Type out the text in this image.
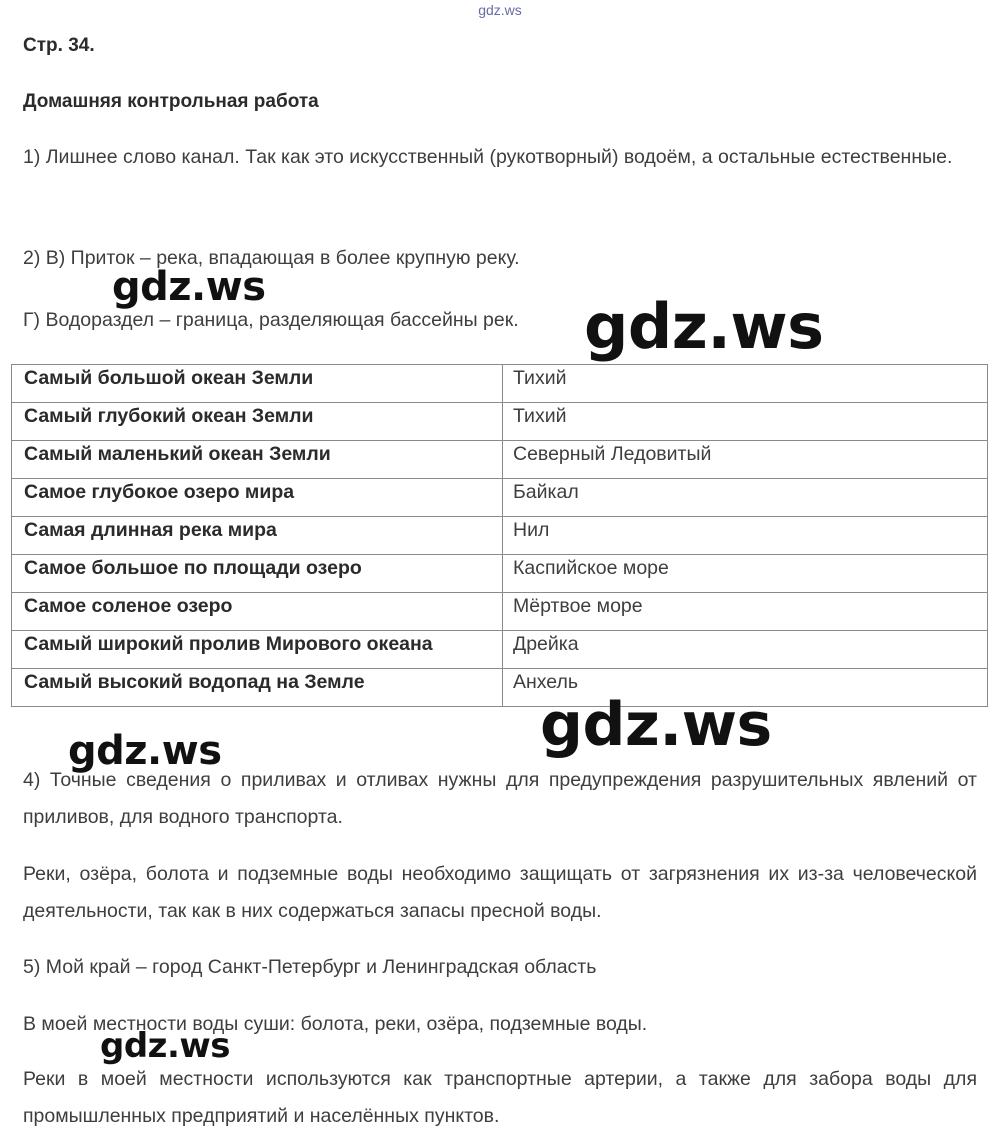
gdz.ws
Стр. 34.
Домашняя контрольная работа
1) Лишнее слово канал. Так как это искусственный (рукотворный) водоём, а остальные естественные.
2) В) Приток – река, впадающая в более крупную реку.
Г) Водораздел – граница, разделяющая бассейны рек.
Самый большой океан Земли	Тихий
Самый глубокий океан Земли	Тихий
Самый маленький океан Земли	Северный Ледовитый
Самое глубокое озеро мира	Байкал
Самая длинная река мира	Нил
Самое большое по площади озеро	Каспийское море
Самое соленое озеро	Мёртвое море
Самый широкий пролив Мирового океана	Дрейка
Самый высокий водопад на Земле	Анхель
4) Точные сведения о приливах и отливах нужны для предупреждения разрушительных явлений от приливов, для водного транспорта.
Реки, озёра, болота и подземные воды необходимо защищать от загрязнения их из-за человеческой деятельности, так как в них содержаться запасы пресной воды.
5) Мой край – город Санкт-Петербург и Ленинградская область
В моей местности воды суши: болота, реки, озёра, подземные воды.
Реки в моей местности используются как транспортные артерии, а также для забора воды для промышленных предприятий и населённых пунктов.
gdz.ws
gdz.ws
gdz.ws
gdz.ws
gdz.ws
